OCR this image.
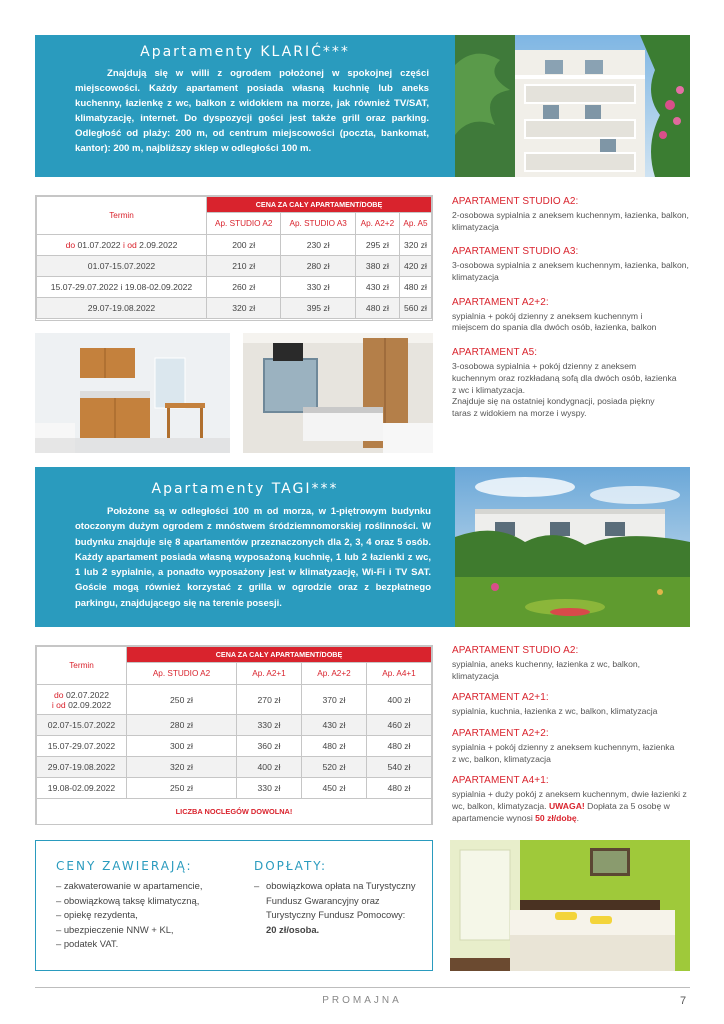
Apartamenty KLARIĆ***

Znajdują się w willi z ogrodem położonej w spokojnej części miejscowości. Każdy apartament posiada własną kuchnię lub aneks kuchenny, łazienkę z wc, balkon z widokiem na morze, jak również TV/SAT, klimatyzację, internet. Do dyspozycji gości jest także grill oraz parking. Odległość od plaży: 200 m, od centrum miejscowości (poczta, bankomat, kantor): 200 m, najbliższy sklep w odległości 100 m.

Termin	CENA ZA CAŁY APARTAMENT/DOBĘ			
	Ap. STUDIO A2	Ap. STUDIO A3	Ap. A2+2	Ap. A5
do 01.07.2022 i od 2.09.2022	200 zł	230 zł	295 zł	320 zł
01.07-15.07.2022	210 zł	280 zł	380 zł	420 zł
15.07-29.07.2022 i 19.08-02.09.2022	260 zł	330 zł	430 zł	480 zł
29.07-19.08.2022	320 zł	395 zł	480 zł	560 zł
APARTAMENT STUDIO A2:
2-osobowa sypialnia z aneksem kuchennym, łazienka, balkon, klimatyzacja
APARTAMENT STUDIO A3:
3-osobowa sypialnia z aneksem kuchennym, łazienka, balkon, klimatyzacja
APARTAMENT A2+2:
sypialnia + pokój dzienny z aneksem kuchennym i miejscem do spania dla dwóch osób, łazienka, balkon
APARTAMENT A5:
3-osobowa sypialnia + pokój dzienny z aneksem kuchennym oraz rozkładaną sofą dla dwóch osób, łazienka z wc i klimatyzacja.
Znajduje się na ostatniej kondygnacji, posiada piękny taras z widokiem na morze i wyspy.
Apartamenty TAGI***

Położone są w odległości 100 m od morza, w 1-piętrowym budynku otoczonym dużym ogrodem z mnóstwem śródziemnomorskiej roślinności. W budynku znajduje się 8 apartamentów przeznaczonych dla 2, 3, 4 oraz 5 osób. Każdy apartament posiada własną wyposażoną kuchnię, 1 lub 2 łazienki z wc, 1 lub 2 sypialnie, a ponadto wyposażony jest w klimatyzację, Wi-Fi i TV SAT. Goście mogą również korzystać z grilla w ogrodzie oraz z bezpłatnego parkingu, znajdującego się na terenie posesji.

Termin	CENA ZA CAŁY APARTAMENT/DOBĘ			
	Ap. STUDIO A2	Ap. A2+1	Ap. A2+2	Ap. A4+1
do 02.07.2022
i od 02.09.2022	250 zł	270 zł	370 zł	400 zł
02.07-15.07.2022	280 zł	330 zł	430 zł	460 zł
15.07-29.07.2022	300 zł	360 zł	480 zł	480 zł
29.07-19.08.2022	320 zł	400 zł	520 zł	540 zł
19.08-02.09.2022	250 zł	330 zł	450 zł	480 zł
LICZBA NOCLEGÓW DOWOLNA!				
APARTAMENT STUDIO A2:
sypialnia, aneks kuchenny, łazienka z wc, balkon, klimatyzacja
APARTAMENT A2+1:
sypialnia, kuchnia, łazienka z wc, balkon, klimatyzacja
APARTAMENT A2+2:
sypialnia + pokój dzienny z aneksem kuchennym, łazienka z wc, balkon, klimatyzacja
APARTAMENT A4+1:
sypialnia + duży pokój z aneksem kuchennym, dwie łazienki z wc, balkon, klimatyzacja. UWAGA! Dopłata za 5 osobę w apartamencie wynosi 50 zł/dobę.
CENY ZAWIERAJĄ:
– zakwaterowanie w apartamencie,
– obowiązkową taksę klimatyczną,
– opiekę rezydenta,
– ubezpieczenie NNW + KL,
– podatek VAT.
DOPŁATY:
– obowiązkowa opłata na Turystyczny Fundusz Gwarancyjny oraz Turystyczny Fundusz Pomocowy:
20 zł/osoba.
PROMAJNA	7
